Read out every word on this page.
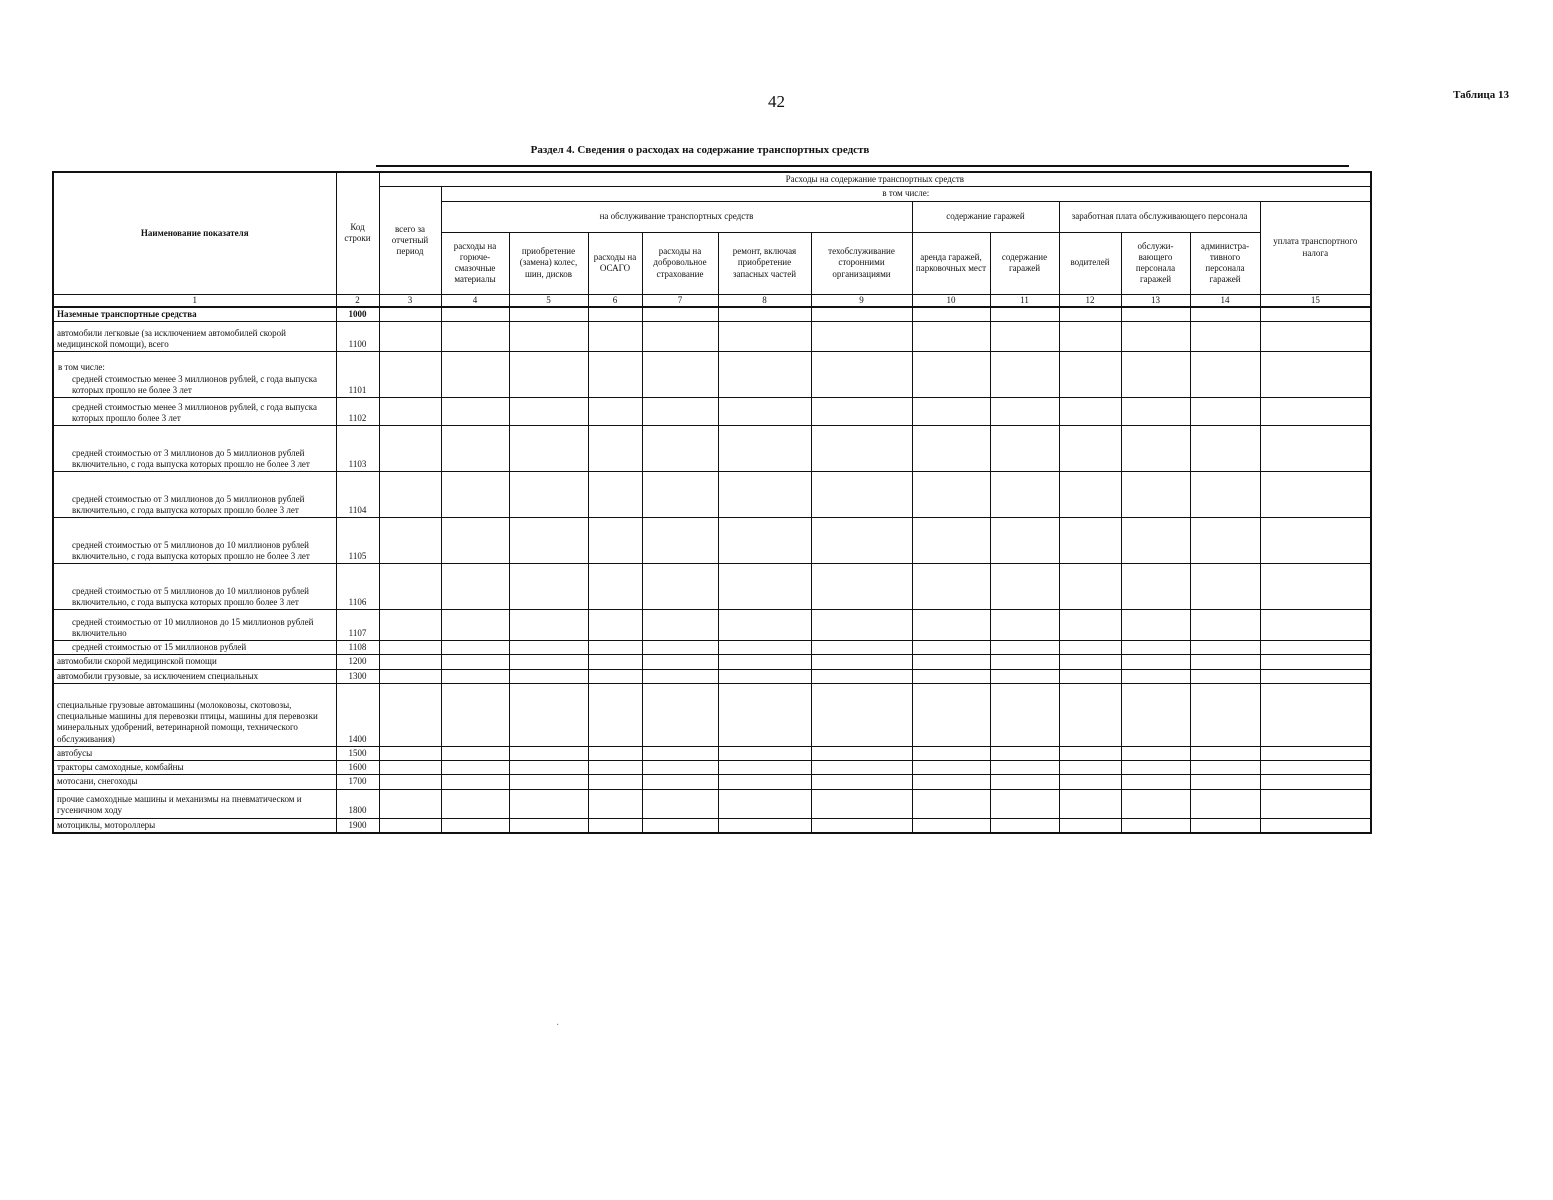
42	Таблица 13
Раздел 4. Сведения о расходах на содержание транспортных средств
Наименование показателя	Код строки	Расходы на содержание транспортных средств												
		всего за отчетный период	в том числе:											
			на обслуживание транспортных средств						содержание гаражей		заработная плата обслуживающего персонала			уплата транспортного налога
			расходы на горюче-смазочные материалы	приобретение (замена) колес, шин, дисков	расходы на ОСАГО	расходы на добровольное страхование	ремонт, включая приобретение запасных частей	техобслуживание сторонними организациями	аренда гаражей, парковочных мест	содержание гаражей	водителей	обслужи-вающего персонала гаражей	администра-тивного персонала гаражей	
1	2	3	4	5	6	7	8	9	10	11	12	13	14	15
Наземные транспортные средства	1000													
автомобили легковые (за исключением автомобилей скорой медицинской помощи), всего	1100													

в том числе:
средней стоимостью менее 3 миллионов рублей, с года выпуска которых прошло не более 3 лет	1101													
средней стоимостью менее 3 миллионов рублей, с года выпуска которых прошло более 3 лет	1102													
средней стоимостью от 3 миллионов до 5 миллионов рублей включительно, с года выпуска которых прошло не более 3 лет	1103													
средней стоимостью от 3 миллионов до 5 миллионов рублей включительно, с года выпуска которых прошло более 3 лет	1104													
средней стоимостью от 5 миллионов до 10 миллионов рублей включительно, с года выпуска которых прошло не более 3 лет	1105													
средней стоимостью от 5 миллионов до 10 миллионов рублей включительно, с года выпуска которых прошло более 3 лет	1106													
средней стоимостью от 10 миллионов до 15 миллионов рублей включительно	1107													
средней стоимостью от 15 миллионов рублей	1108													
автомобили скорой медицинской помощи	1200													
автомобили грузовые, за исключением специальных	1300													
специальные грузовые автомашины (молоковозы, скотовозы, специальные машины для перевозки птицы, машины для перевозки минеральных удобрений, ветеринарной помощи, технического обслуживания)	1400													
автобусы	1500													
тракторы самоходные, комбайны	1600													
мотосани, снегоходы	1700													
прочие самоходные машины и механизмы на пневматическом и гусеничном ходу	1800													
мотоциклы, мотороллеры	1900													
·
